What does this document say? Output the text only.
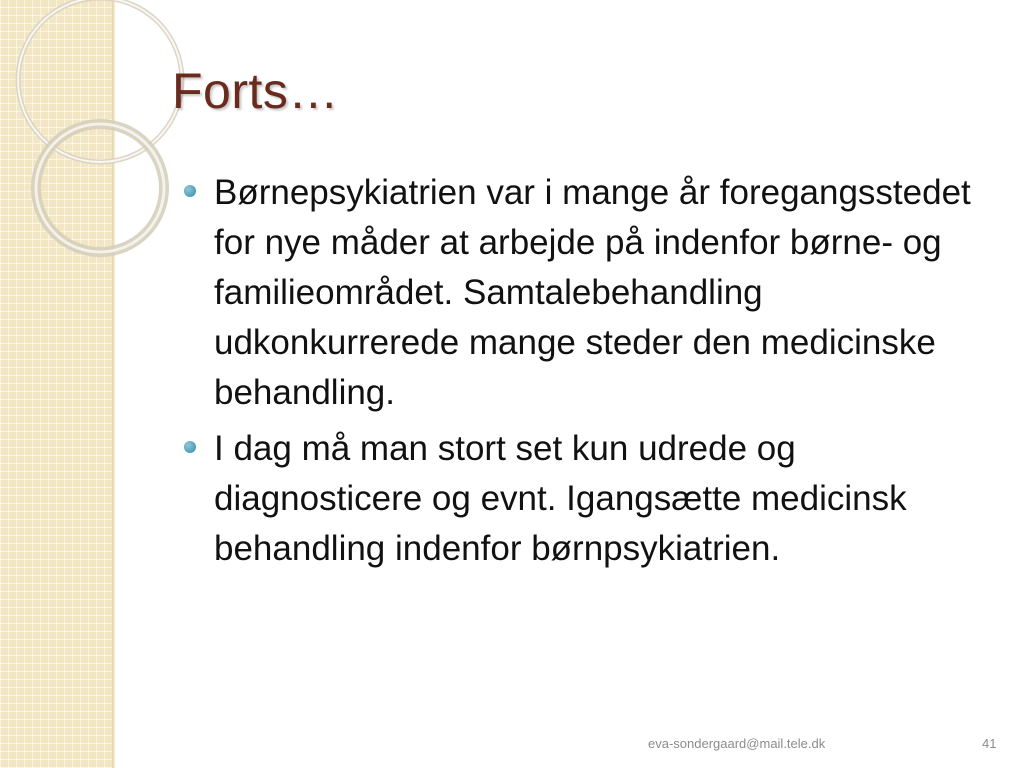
Forts…
Børnepsykiatrien var i mange år foregangsstedet for nye måder at arbejde på indenfor børne- og familieområdet. Samtalebehandling udkonkurrerede mange steder den medicinske behandling.
I dag må man stort set kun udrede og diagnosticere og evnt. Igangsætte medicinsk behandling indenfor børnpsykiatrien.
eva-sondergaard@mail.tele.dk	41
